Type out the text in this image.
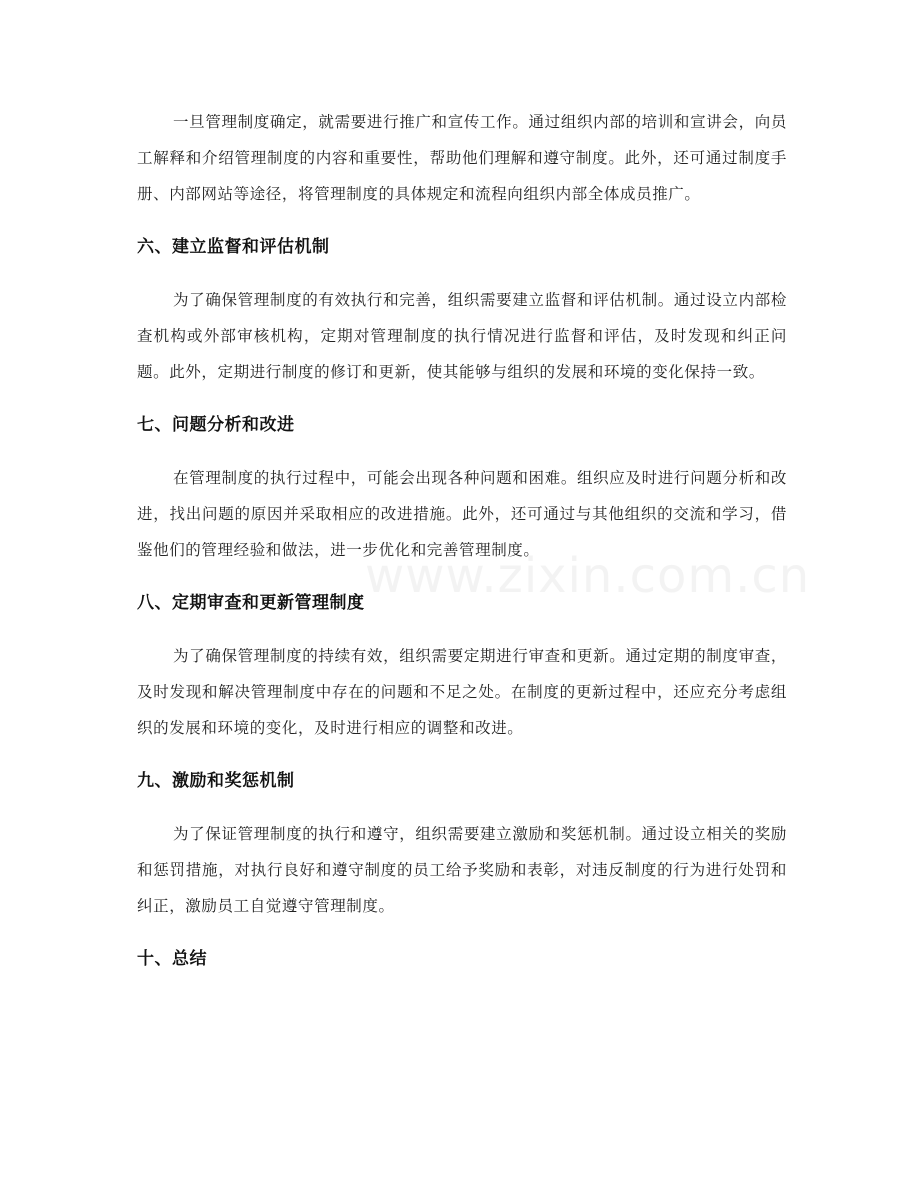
一旦管理制度确定，就需要进行推广和宣传工作。通过组织内部的培训和宣讲会，向员工解释和介绍管理制度的内容和重要性，帮助他们理解和遵守制度。此外，还可通过制度手册、内部网站等途径，将管理制度的具体规定和流程向组织内部全体成员推广。

六、建立监督和评估机制

为了确保管理制度的有效执行和完善，组织需要建立监督和评估机制。通过设立内部检查机构或外部审核机构，定期对管理制度的执行情况进行监督和评估，及时发现和纠正问题。此外，定期进行制度的修订和更新，使其能够与组织的发展和环境的变化保持一致。

七、问题分析和改进

在管理制度的执行过程中，可能会出现各种问题和困难。组织应及时进行问题分析和改进，找出问题的原因并采取相应的改进措施。此外，还可通过与其他组织的交流和学习，借鉴他们的管理经验和做法，进一步优化和完善管理制度。

八、定期审查和更新管理制度

为了确保管理制度的持续有效，组织需要定期进行审查和更新。通过定期的制度审查，及时发现和解决管理制度中存在的问题和不足之处。在制度的更新过程中，还应充分考虑组织的发展和环境的变化，及时进行相应的调整和改进。

九、激励和奖惩机制

为了保证管理制度的执行和遵守，组织需要建立激励和奖惩机制。通过设立相关的奖励和惩罚措施，对执行良好和遵守制度的员工给予奖励和表彰，对违反制度的行为进行处罚和纠正，激励员工自觉遵守管理制度。

十、总结
www.zixin.com.cn
